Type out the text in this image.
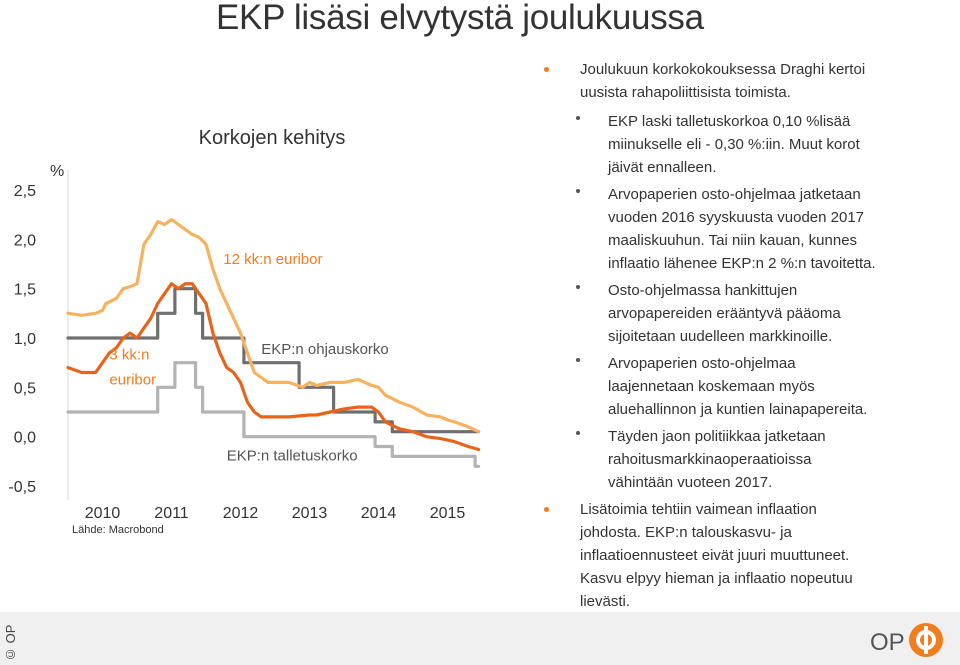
EKP lisäsi elvytystä joulukuussa
Korkojen kehitys
%
2,5
2,0
1,5
1,0
0,5
0,0
-0,5
2010 2011 2012 2013 2014 2015
12 kk:n euribor
3 kk:n
euribor
EKP:n ohjauskorko
EKP:n talletuskorko
Lähde: Macrobond
Joulukuun korkokokouksessa Draghi kertoi
uusista rahapoliittisista toimista.
EKP laski talletuskorkoa 0,10 %lisää
miinukselle eli - 0,30 %:iin. Muut korot
jäivät ennalleen.
Arvopaperien osto-ohjelmaa jatketaan
vuoden 2016 syyskuusta vuoden 2017
maaliskuuhun. Tai niin kauan, kunnes
inflaatio lähenee EKP:n 2 %:n tavoitetta.
Osto-ohjelmassa hankittujen
arvopapereiden erääntyvä pääoma
sijoitetaan uudelleen markkinoille.
Arvopaperien osto-ohjelmaa
laajennetaan koskemaan myös
aluehallinnon ja kuntien lainapapereita.
Täyden jaon politiikkaa jatketaan
rahoitusmarkkinaoperaatioissa
vähintään vuoteen 2017.
Lisätoimia tehtiin vaimean inflaation
johdosta. EKP:n talouskasvu- ja
inflaatioennusteet eivät juuri muuttuneet.
Kasvu elpyy hieman ja inflaatio nopeutuu
lievästi.
© OP	OP
